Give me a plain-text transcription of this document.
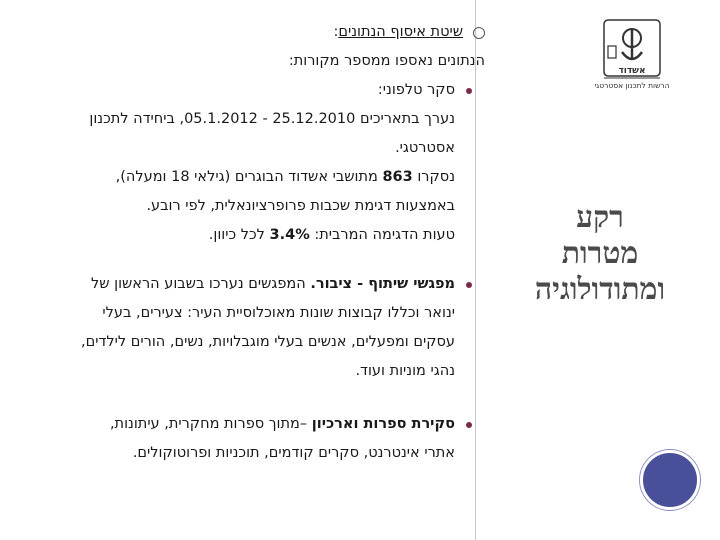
אשדוד
הרשות לתכנון אסטרטגי
רקע
מטרות
ומתודולוגיה

שיטת איסוף הנתונים:

הנתונים נאספו ממספר מקורות:

סקר טלפוני:

נערך בתאריכים 25.12.2010 - 05.1.2012, ביחידה לתכנון

אסטרטגי.

נסקרו 863 מתושבי אשדוד הבוגרים (גילאי 18 ומעלה),

באמצעות דגימת שכבות פרופרציונאלית, לפי רובע.

טעות הדגימה המרבית: 3.4% לכל כיוון.

מפגשי שיתוף - ציבור. המפגשים נערכו בשבוע הראשון של

ינואר וכללו קבוצות שונות מאוכלוסיית העיר: צעירים, בעלי

עסקים ומפעלים, אנשים בעלי מוגבלויות, נשים, הורים לילדים,

נהגי מוניות ועוד.

סקירת ספרות וארכיון –מתוך ספרות מחקרית, עיתונות,

אתרי אינטרנט, סקרים קודמים, תוכניות ופרוטוקולים.
